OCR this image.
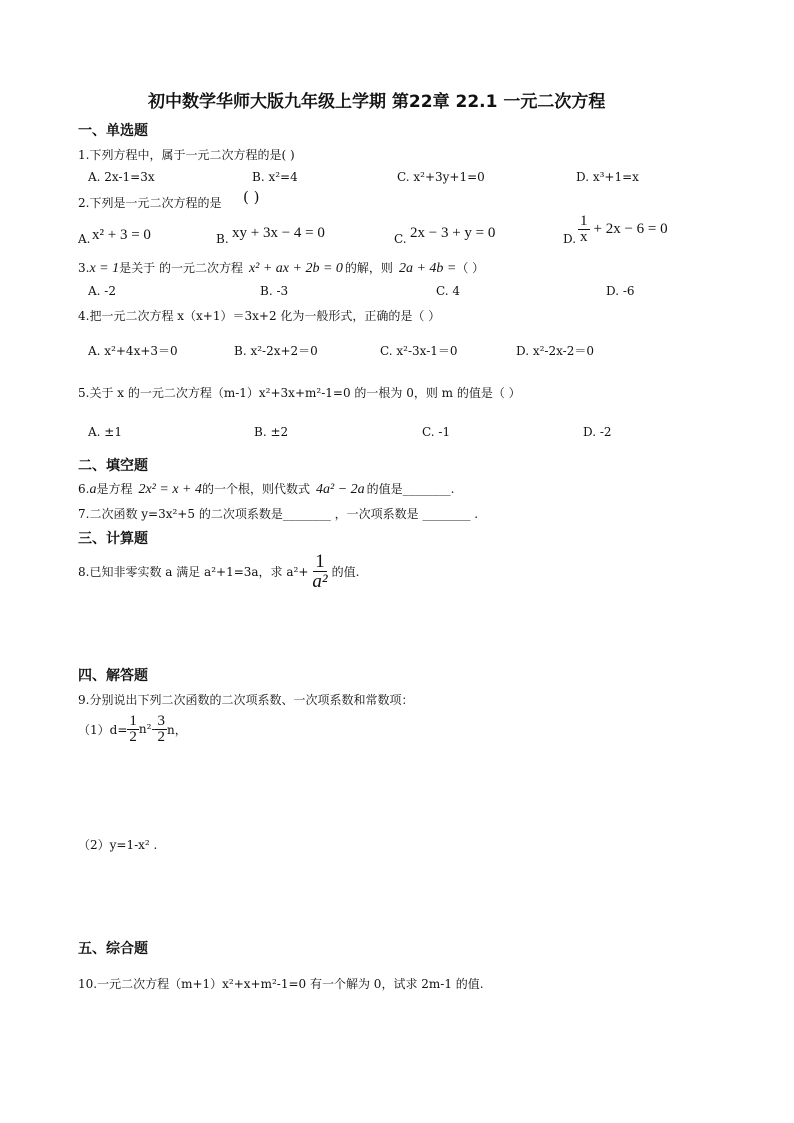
初中数学华师大版九年级上学期 第22章 22.1 一元二次方程
一、单选题
1.下列方程中，属于一元二次方程的是( )
A. 2x-1=3x	B. x²=4	C. x²+3y+1=0	D. x³+1=x
2.下列是一元二次方程的是 ( )
A. x² + 3 = 0	B. xy + 3x − 4 = 0	C. 2x − 3 + y = 0	D. $\frac{1}{x} + 2x - 6 = 0$
3. x = 1 是关于 的一元二次方程 x² + ax + 2b = 0 的解，则 2a + 4b = （ ）
A. -2	B. -3	C. 4	D. -6
4.把一元二次方程 x（x+1）＝3x+2 化为一般形式，正确的是（ ）
A. x²+4x+3＝0	B. x²-2x+2＝0	C. x²-3x-1＝0	D. x²-2x-2＝0
5.关于 x 的一元二次方程（m-1）x²+3x+m²-1=0 的一根为 0，则 m 的值是（ ）
A. ±1	B. ±2	C. -1	D. -2
二、填空题
6. a 是方程 2x² = x + 4 的一个根，则代数式 4a² − 2a 的值是________.
7.二次函数 y=3x²+5 的二次项系数是________ ，一次项系数是 ________ .
三、计算题
8.已知非零实数 a 满足 a²+1=3a，求 $a^2+ \frac{1}{\text{a²}}$ 的值.
四、解答题
9.分别说出下列二次函数的二次项系数、一次项系数和常数项：
$(1)d= \frac{1}{2} n^2- \frac{3}{2}$ n，
（2）y=1-x² .
五、综合题
10.一元二次方程（m+1）x²+x+m²-1=0 有一个解为 0，试求 2m-1 的值.
